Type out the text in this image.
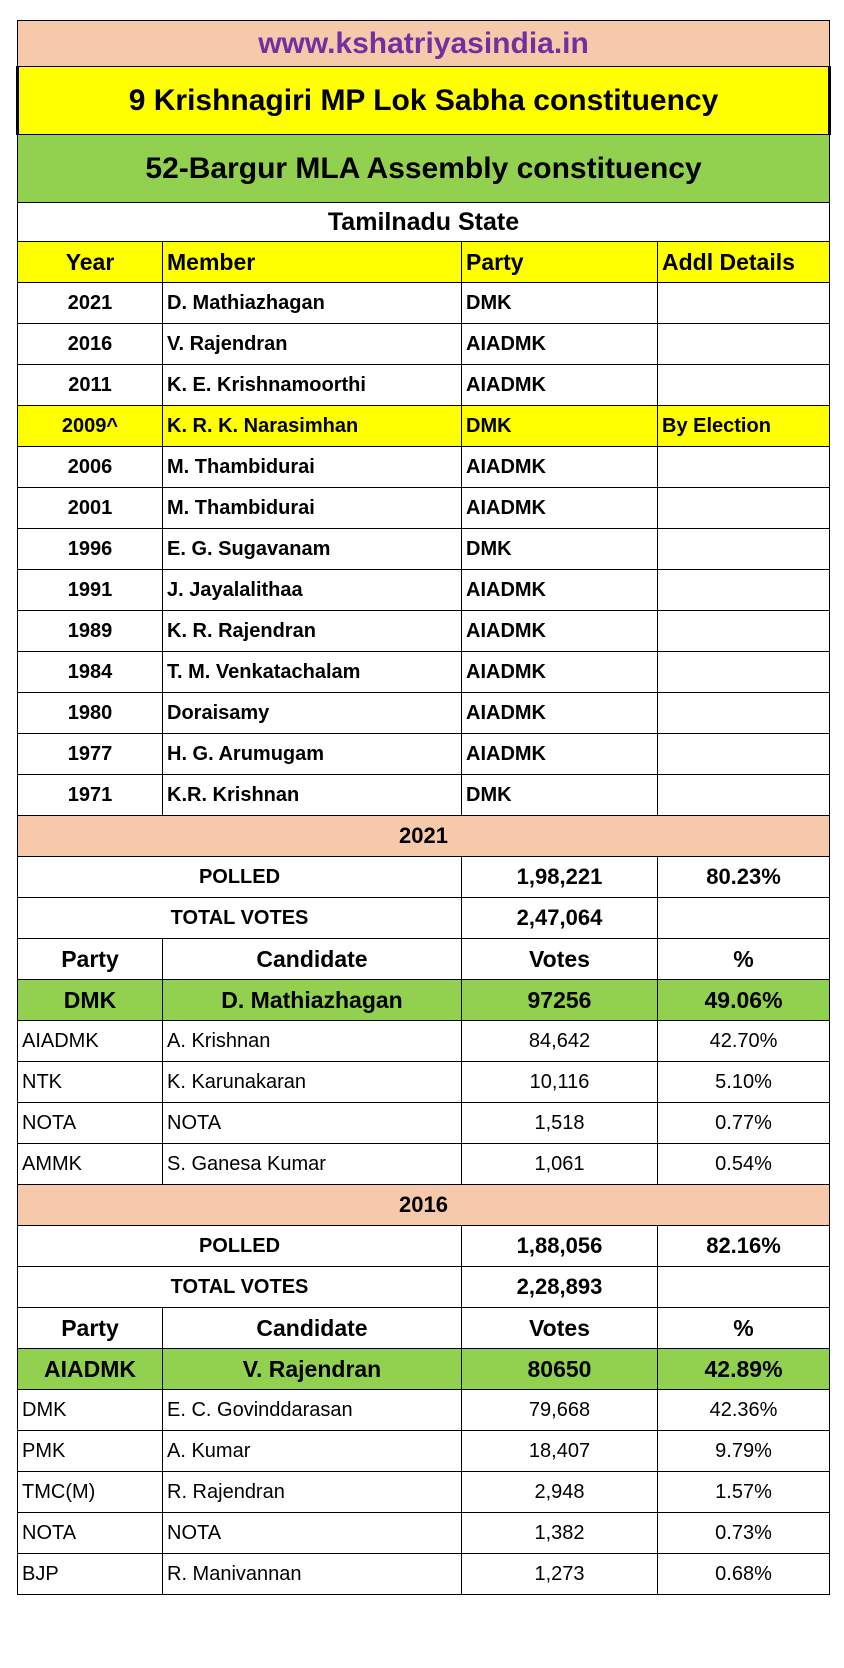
www.kshatriyasindia.in			
9 Krishnagiri MP Lok Sabha constituency			
52-Bargur MLA Assembly constituency			
Tamilnadu State			
Year	Member	Party	Addl Details
2021	D. Mathiazhagan	DMK	
2016	V. Rajendran	AIADMK	
2011	K. E. Krishnamoorthi	AIADMK	
2009^	K. R. K. Narasimhan	DMK	By Election
2006	M. Thambidurai	AIADMK	
2001	M. Thambidurai	AIADMK	
1996	E. G. Sugavanam	DMK	
1991	J. Jayalalithaa	AIADMK	
1989	K. R. Rajendran	AIADMK	
1984	T. M. Venkatachalam	AIADMK	
1980	Doraisamy	AIADMK	
1977	H. G. Arumugam	AIADMK	
1971	K.R. Krishnan	DMK	
2021			
POLLED		1,98,221	80.23%
TOTAL VOTES		2,47,064	
Party	Candidate	Votes	%
DMK	D. Mathiazhagan	97256	49.06%
AIADMK	A. Krishnan	84,642	42.70%
NTK	K. Karunakaran	10,116	5.10%
NOTA	NOTA	1,518	0.77%
AMMK	S. Ganesa Kumar	1,061	0.54%
2016			
POLLED		1,88,056	82.16%
TOTAL VOTES		2,28,893	
Party	Candidate	Votes	%
AIADMK	V. Rajendran	80650	42.89%
DMK	E. C. Govinddarasan	79,668	42.36%
PMK	A. Kumar	18,407	9.79%
TMC(M)	R. Rajendran	2,948	1.57%
NOTA	NOTA	1,382	0.73%
BJP	R. Manivannan	1,273	0.68%
